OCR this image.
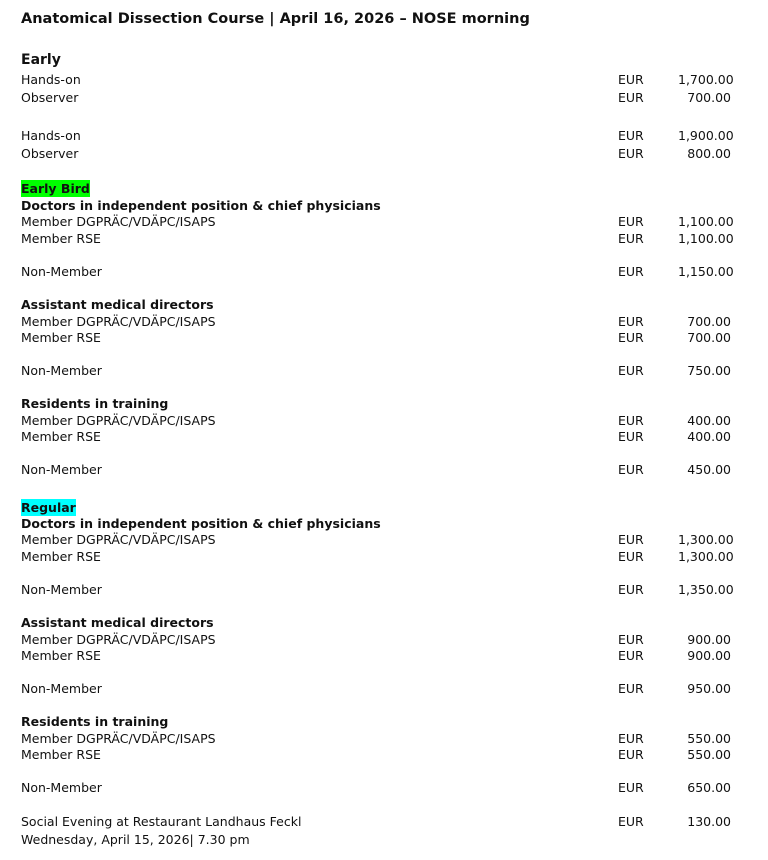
Anatomical Dissection Course | April 16, 2026 – NOSE morning
Early
Hands-on	EUR	1,700.00
Observer	EUR	700.00
Hands-on	EUR	1,900.00
Observer	EUR	800.00
Early Bird
Doctors in independent position & chief physicians
Member DGPRÄC/VDÄPC/ISAPS	EUR	1,100.00
Member RSE	EUR	1,100.00
Non-Member	EUR	1,150.00
Assistant medical directors
Member DGPRÄC/VDÄPC/ISAPS	EUR	700.00
Member RSE	EUR	700.00
Non-Member	EUR	750.00
Residents in training
Member DGPRÄC/VDÄPC/ISAPS	EUR	400.00
Member RSE	EUR	400.00
Non-Member	EUR	450.00
Regular
Doctors in independent position & chief physicians
Member DGPRÄC/VDÄPC/ISAPS	EUR	1,300.00
Member RSE	EUR	1,300.00
Non-Member	EUR	1,350.00
Assistant medical directors
Member DGPRÄC/VDÄPC/ISAPS	EUR	900.00
Member RSE	EUR	900.00
Non-Member	EUR	950.00
Residents in training
Member DGPRÄC/VDÄPC/ISAPS	EUR	550.00
Member RSE	EUR	550.00
Non-Member	EUR	650.00
Social Evening at Restaurant Landhaus Feckl	EUR	130.00
Wednesday, April 15, 2026| 7.30 pm
